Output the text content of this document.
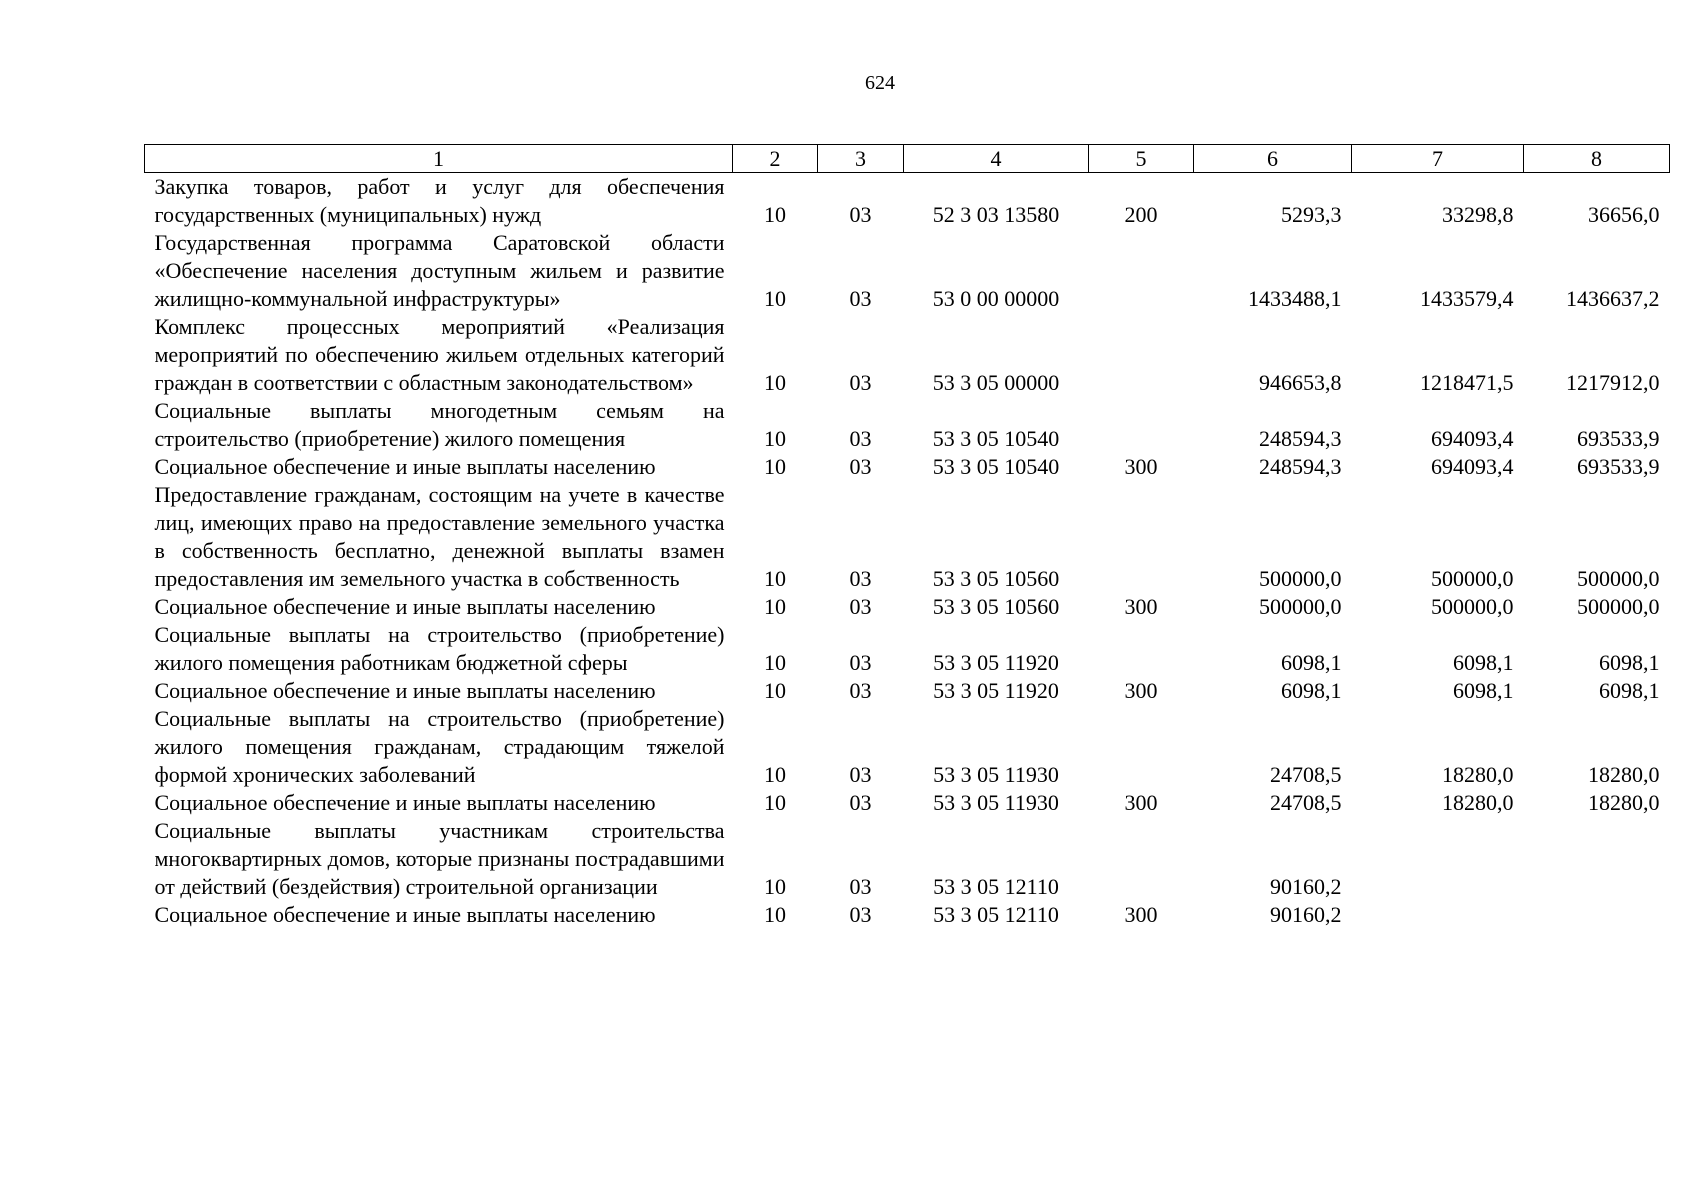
624
1	2	3	4	5	6	7	8
Закупка товаров, работ и услуг для обеспечения государственных (муниципальных) нужд	10	03	52 3 03 13580	200	5293,3	33298,8	36656,0
Государственная программа Саратовской области «Обеспечение населения доступным жильем и развитие жилищно-коммунальной инфраструктуры»	10	03	53 0 00 00000		1433488,1	1433579,4	1436637,2
Комплекс процессных мероприятий «Реализация мероприятий по обеспечению жильем отдельных категорий граждан в соответствии с областным законодательством»	10	03	53 3 05 00000		946653,8	1218471,5	1217912,0
Социальные выплаты многодетным семьям на строительство (приобретение) жилого помещения	10	03	53 3 05 10540		248594,3	694093,4	693533,9
Социальное обеспечение и иные выплаты населению	10	03	53 3 05 10540	300	248594,3	694093,4	693533,9
Предоставление гражданам, состоящим на учете в качестве лиц, имеющих право на предоставление земельного участка в собственность бесплатно, денежной выплаты взамен предоставления им земельного участка в собственность	10	03	53 3 05 10560		500000,0	500000,0	500000,0
Социальное обеспечение и иные выплаты населению	10	03	53 3 05 10560	300	500000,0	500000,0	500000,0
Социальные выплаты на строительство (приобретение) жилого помещения работникам бюджетной сферы	10	03	53 3 05 11920		6098,1	6098,1	6098,1
Социальное обеспечение и иные выплаты населению	10	03	53 3 05 11920	300	6098,1	6098,1	6098,1
Социальные выплаты на строительство (приобретение) жилого помещения гражданам, страдающим тяжелой формой хронических заболеваний	10	03	53 3 05 11930		24708,5	18280,0	18280,0
Социальное обеспечение и иные выплаты населению	10	03	53 3 05 11930	300	24708,5	18280,0	18280,0
Социальные выплаты участникам строительства многоквартирных домов, которые признаны пострадавшими от действий (бездействия) строительной организации	10	03	53 3 05 12110		90160,2		
Социальное обеспечение и иные выплаты населению	10	03	53 3 05 12110	300	90160,2		
